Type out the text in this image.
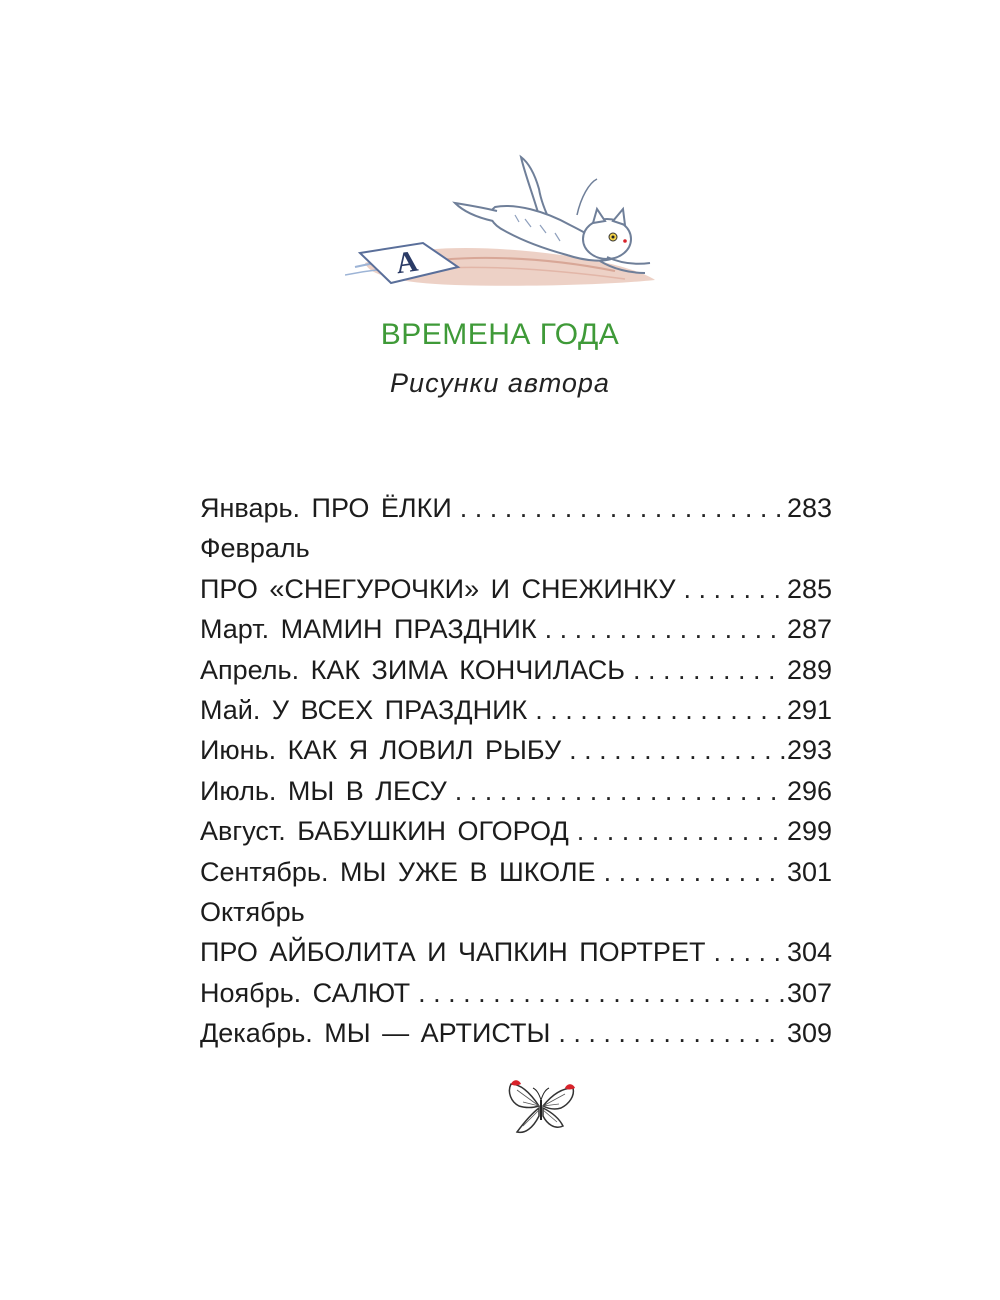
A
ВРЕМЕНА ГОДА
Рисунки автора
Январь. ПРО ЁЛКИ . . .	283
Февраль
ПРО «СНЕГУРОЧКИ» И СНЕЖИНКУ . . .	285
Март. МАМИН ПРАЗДНИК . . .	287
Апрель. КАК ЗИМА КОНЧИЛАСЬ . . .	289
Май. У ВСЕХ ПРАЗДНИК . . .	291
Июнь. КАК Я ЛОВИЛ РЫБУ . . .	293
Июль. МЫ В ЛЕСУ . . .	296
Август. БАБУШКИН ОГОРОД . . .	299
Сентябрь. МЫ УЖЕ В ШКОЛЕ . . .	301
Октябрь
ПРО АЙБОЛИТА И ЧАПКИН ПОРТРЕТ . . .	304
Ноябрь. САЛЮТ . . .	307
Декабрь. МЫ — АРТИСТЫ . . .	309
